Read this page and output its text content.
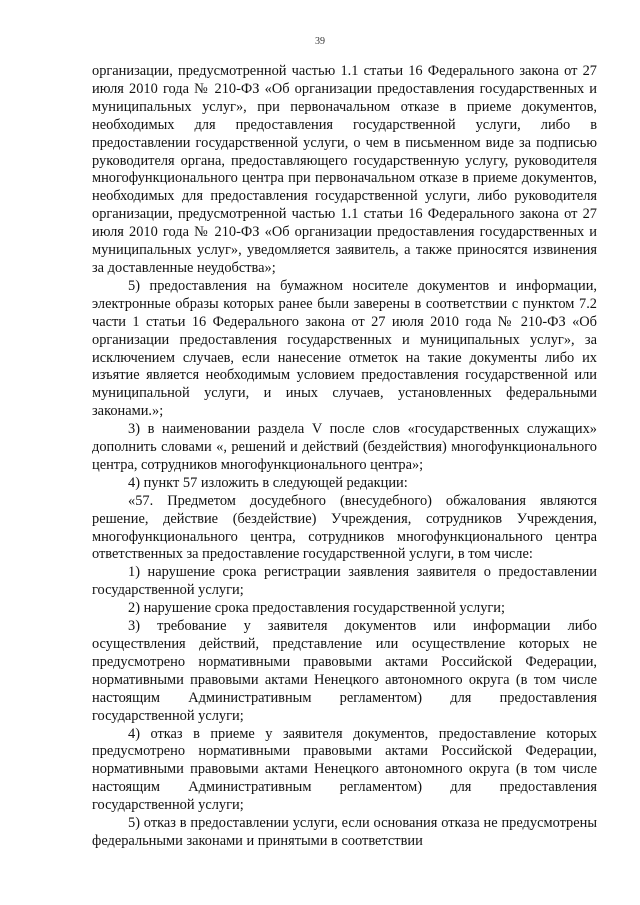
39

организации, предусмотренной частью 1.1 статьи 16 Федерального закона от 27 июля 2010 года № 210-ФЗ «Об организации предоставления государственных и муниципальных услуг», при первоначальном отказе в приеме документов, необходимых для предоставления государственной услуги, либо в предоставлении государственной услуги, о чем в письменном виде за подписью руководителя органа, предоставляющего государственную услугу, руководителя многофункционального центра при первоначальном отказе в приеме документов, необходимых для предоставления государственной услуги, либо руководителя организации, предусмотренной частью 1.1 статьи 16 Федерального закона от 27 июля 2010 года № 210-ФЗ «Об организации предоставления государственных и муниципальных услуг», уведомляется заявитель, а также приносятся извинения за доставленные неудобства»;

5) предоставления на бумажном носителе документов и информации, электронные образы которых ранее были заверены в соответствии с пунктом 7.2 части 1 статьи 16 Федерального закона от 27 июля 2010 года № 210-ФЗ «Об организации предоставления государственных и муниципальных услуг», за исключением случаев, если нанесение отметок на такие документы либо их изъятие является необходимым условием предоставления государственной или муниципальной услуги, и иных случаев, установленных федеральными законами.»;

3) в наименовании раздела V после слов «государственных служащих» дополнить словами «, решений и действий (бездействия) многофункционального центра, сотрудников многофункционального центра»;

4) пункт 57 изложить в следующей редакции:

«57. Предметом досудебного (внесудебного) обжалования являются решение, действие (бездействие) Учреждения, сотрудников Учреждения, многофункционального центра, сотрудников многофункционального центра ответственных за предоставление государственной услуги, в том числе:

1) нарушение срока регистрации заявления заявителя о предоставлении государственной услуги;

2) нарушение срока предоставления государственной услуги;

3) требование у заявителя документов или информации либо осуществления действий, представление или осуществление которых не предусмотрено нормативными правовыми актами Российской Федерации, нормативными правовыми актами Ненецкого автономного округа (в том числе настоящим Административным регламентом) для предоставления государственной услуги;

4) отказ в приеме у заявителя документов, предоставление которых предусмотрено нормативными правовыми актами Российской Федерации, нормативными правовыми актами Ненецкого автономного округа (в том числе настоящим Административным регламентом) для предоставления государственной услуги;

5) отказ в предоставлении услуги, если основания отказа не предусмотрены федеральными законами и принятыми в соответствии
